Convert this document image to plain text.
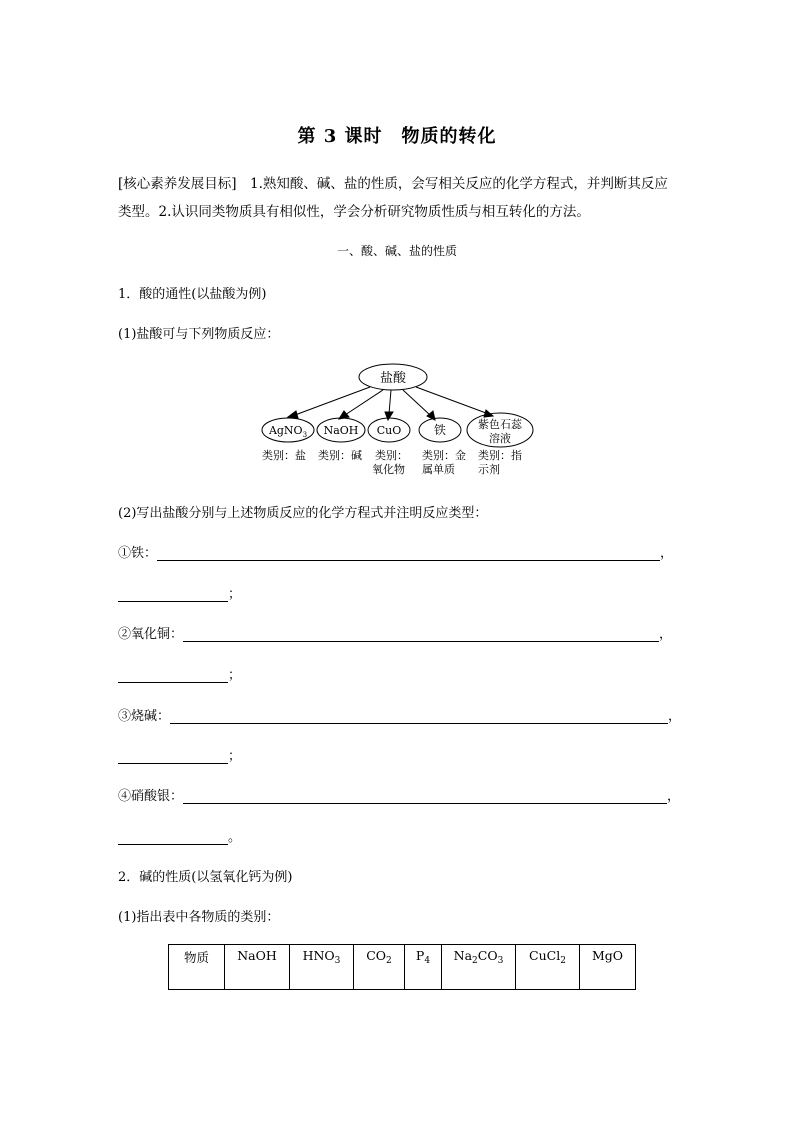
第 3 课时　物质的转化
[核心素养发展目标]　1.熟知酸、碱、盐的性质，会写相关反应的化学方程式，并判断其反应
类型。2.认识同类物质具有相似性，学会分析研究物质性质与相互转化的方法。
一、酸、碱、盐的性质
1．酸的通性(以盐酸为例)
(1)盐酸可与下列物质反应：
盐酸
AgNO$_3$ NaOH CuO	铁	紫色石蕊
溶液
类别：盐 类别：碱 类别：
氧化物
类别：金
属单质
类别：指
示剂
(2)写出盐酸分别与上述物质反应的化学方程式并注明反应类型：
①铁：	，
；
②氧化铜：	，
；
③烧碱：	，
；
④硝酸银：	，
。
2．碱的性质(以氢氧化钙为例)
(1)指出表中各物质的类别：
物质	NaOH	$HNO_3$	$CO_2$	$P_4$	$Na_2CO_3$	CuCl$_2$	MgO
